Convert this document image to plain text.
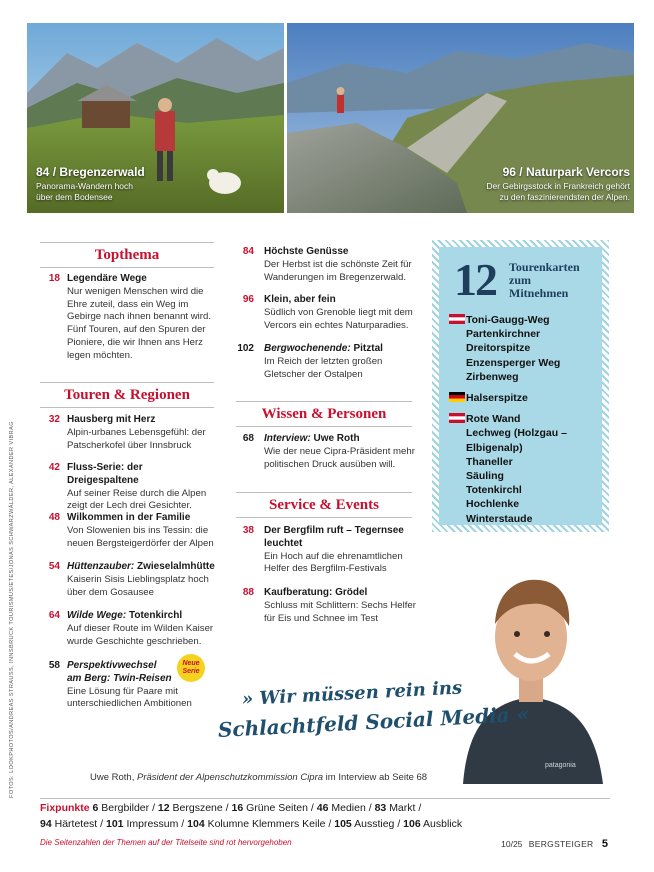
84 / Bregenzerwald
Panorama-Wandern hoch
über dem Bodensee
96 / Naturpark Vercors
Der Gebirgsstock in Frankreich gehört
zu den faszinierendsten der Alpen.
Topthema
18 Legendäre Wege
Nur wenigen Menschen wird die Ehre zuteil, dass ein Weg im Gebirge nach ihnen benannt wird. Fünf Touren, auf den Spuren der Pioniere, die wir Ihnen ans Herz legen möchten.
Touren & Regionen
32 Hausberg mit Herz
Alpin-urbanes Lebensgefühl: der Patscherkofel über Innsbruck
42 Fluss-Serie: der Dreigespaltene
Auf seiner Reise durch die Alpen zeigt der Lech drei Gesichter.
48 Wilkommen in der Familie
Von Slowenien bis ins Tessin: die neuen Bergsteigerdörfer der Alpen
54 Hüttenzauber: Zwieselalmhütte
Kaiserin Sisis Lieblingsplatz hoch über dem Gosausee
64 Wilde Wege: Totenkirchl
Auf dieser Route im Wilden Kaiser wurde Geschichte geschrieben.
58 Perspektivwechsel
am Berg: Twin-Reisen
Eine Lösung für Paare mit unterschiedlichen Ambitionen
Neue
Serie
84 Höchste Genüsse
Der Herbst ist die schönste Zeit für Wanderungen im Bregenzerwald.
96 Klein, aber fein
Südlich von Grenoble liegt mit dem Vercors ein echtes Naturparadies.
102 Bergwochenende: Pitztal
Im Reich der letzten großen Gletscher der Ostalpen
Wissen & Personen
68 Interview: Uwe Roth
Wie der neue Cipra-Präsident mehr politischen Druck ausüben will.
Service & Events
38 Der Bergfilm ruft – Tegernsee leuchtet
Ein Hoch auf die ehrenamtlichen Helfer des Bergfilm-Festivals
88 Kaufberatung: Grödel
Schluss mit Schlittern: Sechs Helfer für Eis und Schnee im Test
12 Tourenkarten
zum
Mitnehmen
Toni-Gaugg-Weg
Partenkirchner
Dreitorspitze
Enzensperger Weg
Zirbenweg
Halserspitze
Rote Wand
Lechweg (Holzgau –
Elbigenalp)
Thaneller
Säuling
Totenkirchl
Hochlenke
Winterstaude
patagonia
» Wir müssen rein ins
Schlachtfeld Social Media «
Uwe Roth, Präsident der Alpenschutzkommission Cipra im Interview ab Seite 68
Fixpunkte 6 Bergbilder / 12 Bergszene / 16 Grüne Seiten / 46 Medien / 83 Markt /
94 Härtetest / 101 Impressum / 104 Kolumne Klemmers Keile / 105 Ausstieg / 106 Ausblick
Die Seitenzahlen der Themen auf der Titelseite sind rot hervorgehoben	10/25 BERGSTEIGER 5
FOTOS: LOOKPHOTOS/ANDREAS STRAUSS, INNSBRUCK TOURISMUS/ETES/JONAS SCHWARZWÄLDER, ALEXANDER VIBRAG
